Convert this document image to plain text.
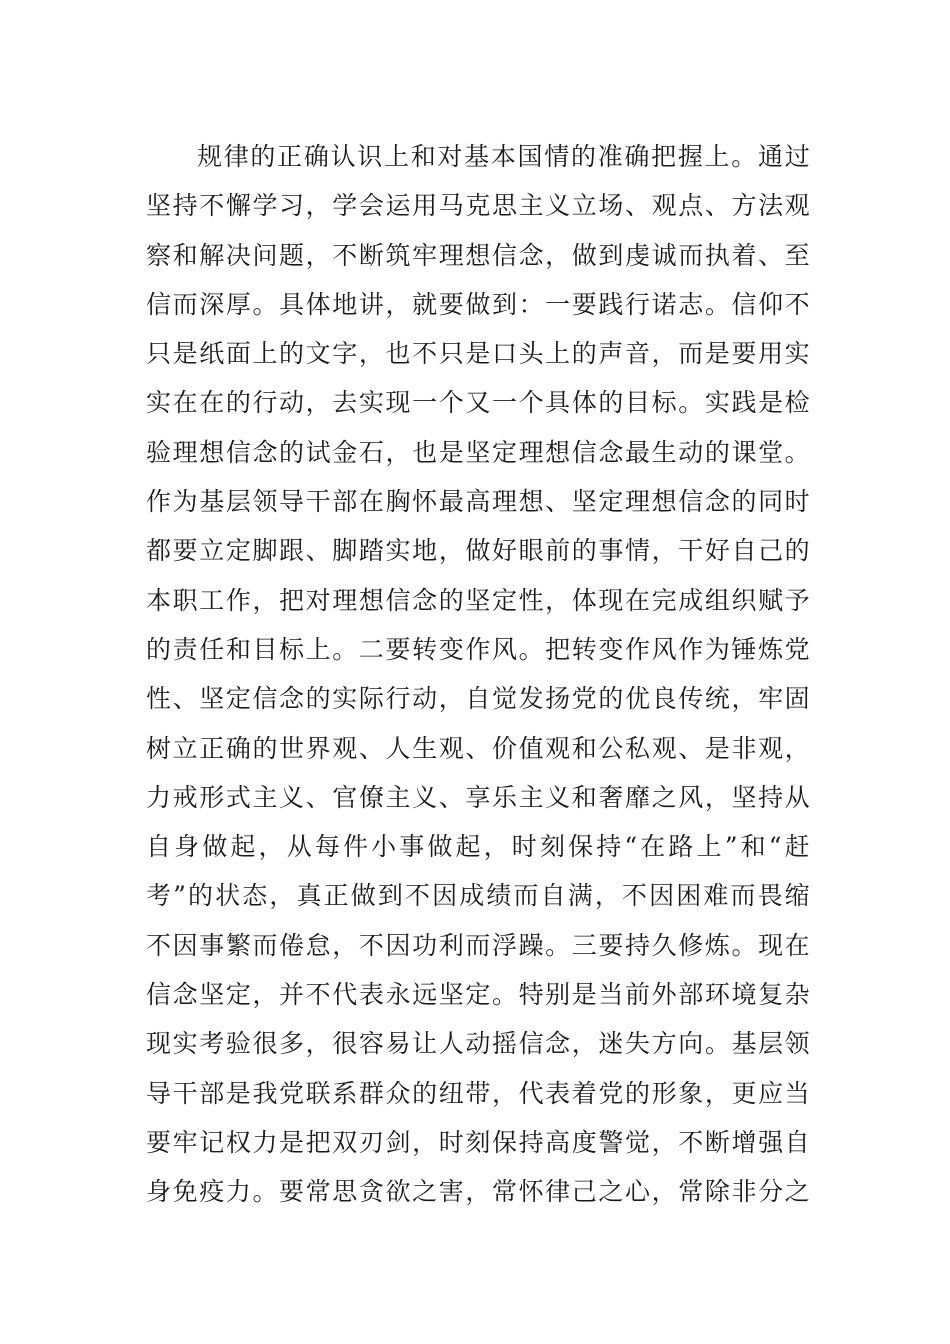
规律的正确认识上和对基本国情的准确把握上。通过
坚持不懈学习，学会运用马克思主义立场、观点、方法观
察和解决问题，不断筑牢理想信念，做到虔诚而执着、至
信而深厚。具体地讲，就要做到：一要践行诺志。信仰不
只是纸面上的文字，也不只是口头上的声音，而是要用实
实在在的行动，去实现一个又一个具体的目标。实践是检
验理想信念的试金石，也是坚定理想信念最生动的课堂。
作为基层领导干部在胸怀最高理想、坚定理想信念的同时
都要立定脚跟、脚踏实地，做好眼前的事情，干好自己的
本职工作，把对理想信念的坚定性，体现在完成组织赋予
的责任和目标上。二要转变作风。把转变作风作为锤炼党
性、坚定信念的实际行动，自觉发扬党的优良传统，牢固
树立正确的世界观、人生观、价值观和公私观、是非观，
力戒形式主义、官僚主义、享乐主义和奢靡之风，坚持从
自身做起，从每件小事做起，时刻保持“在路上”和“赶
考”的状态，真正做到不因成绩而自满，不因困难而畏缩
不因事繁而倦怠，不因功利而浮躁。三要持久修炼。现在
信念坚定，并不代表永远坚定。特别是当前外部环境复杂
现实考验很多，很容易让人动摇信念，迷失方向。基层领
导干部是我党联系群众的纽带，代表着党的形象，更应当
要牢记权力是把双刃剑，时刻保持高度警觉，不断增强自
身免疫力。要常思贪欲之害，常怀律己之心，常除非分之
